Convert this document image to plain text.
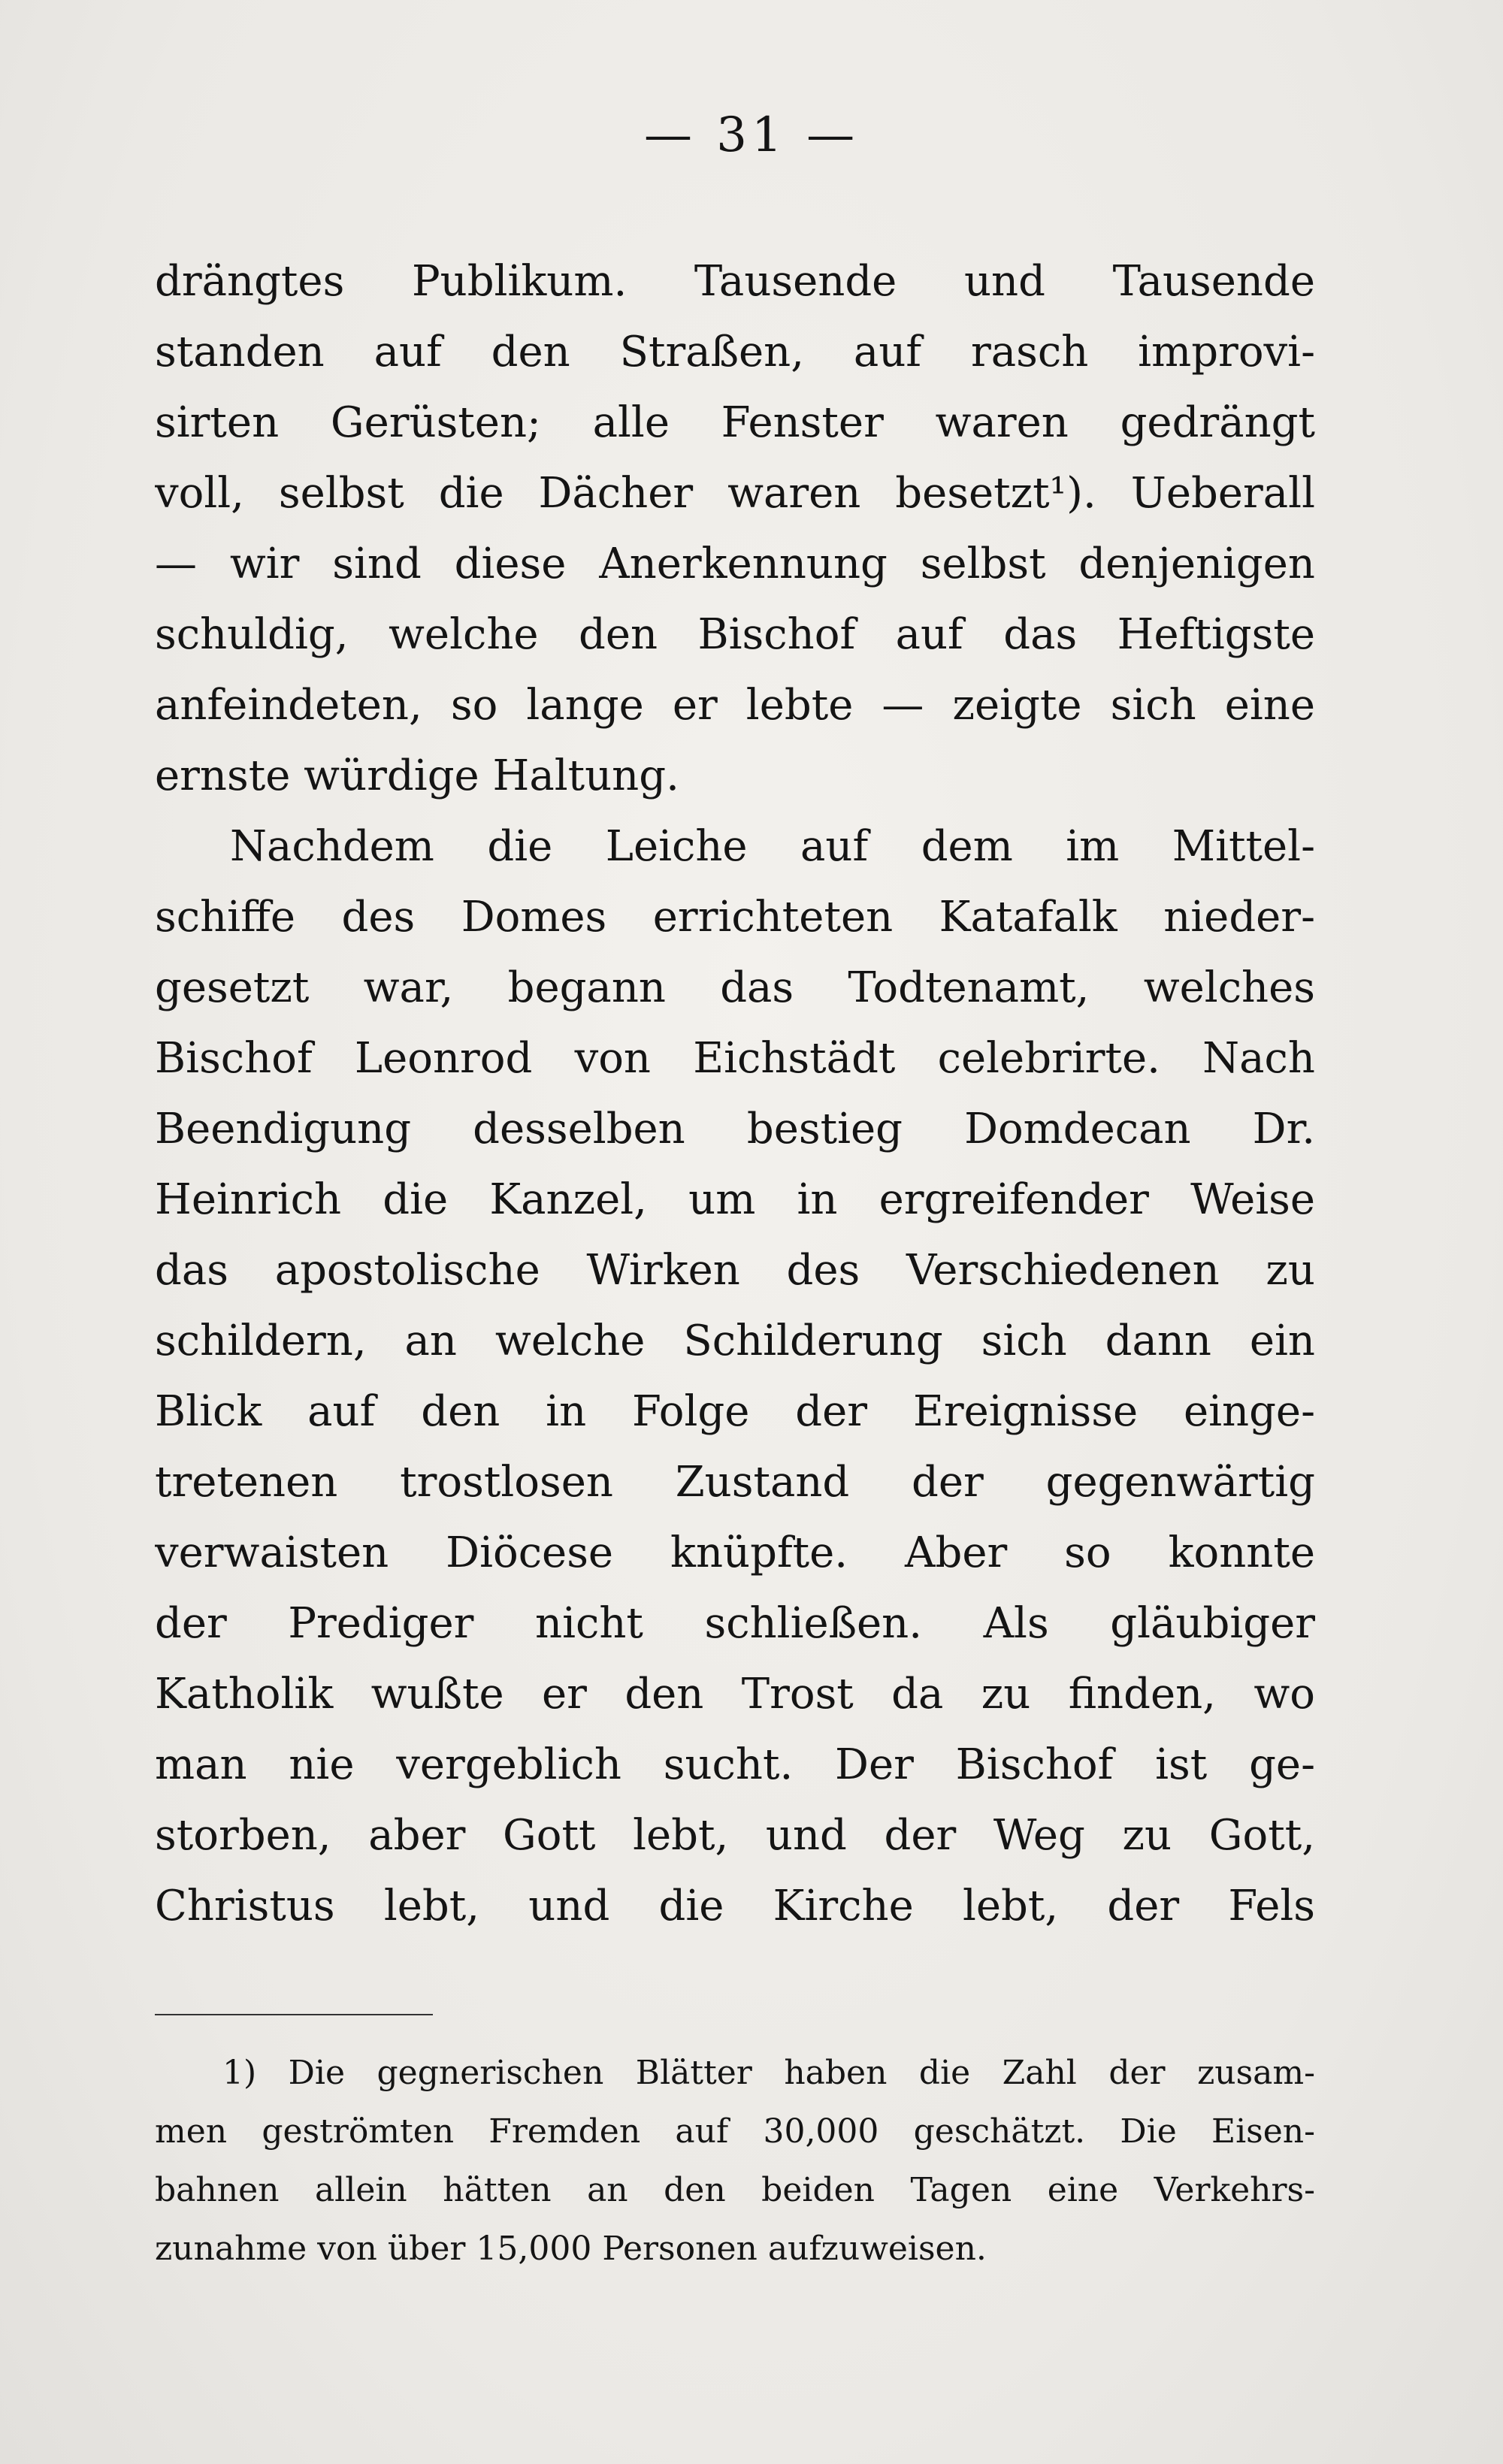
— 31 —
drängtes Publikum. Tausende und Tausende
standen auf den Straßen, auf rasch improvi-
sirten Gerüsten; alle Fenster waren gedrängt
voll, selbst die Dächer waren besetzt¹). Ueberall
— wir sind diese Anerkennung selbst denjenigen
schuldig, welche den Bischof auf das Heftigste
anfeindeten, so lange er lebte — zeigte sich eine
ernste würdige Haltung.
Nachdem die Leiche auf dem im Mittel-
schiffe des Domes errichteten Katafalk nieder-
gesetzt war, begann das Todtenamt, welches
Bischof Leonrod von Eichstädt celebrirte. Nach
Beendigung desselben bestieg Domdecan Dr.
Heinrich die Kanzel, um in ergreifender Weise
das apostolische Wirken des Verschiedenen zu
schildern, an welche Schilderung sich dann ein
Blick auf den in Folge der Ereignisse einge-
tretenen trostlosen Zustand der gegenwärtig
verwaisten Diöcese knüpfte. Aber so konnte
der Prediger nicht schließen. Als gläubiger
Katholik wußte er den Trost da zu finden, wo
man nie vergeblich sucht. Der Bischof ist ge-
storben, aber Gott lebt, und der Weg zu Gott,
Christus lebt, und die Kirche lebt, der Fels
1) Die gegnerischen Blätter haben die Zahl der zusam-
men geströmten Fremden auf 30,000 geschätzt. Die Eisen-
bahnen allein hätten an den beiden Tagen eine Verkehrs-
zunahme von über 15,000 Personen aufzuweisen.
